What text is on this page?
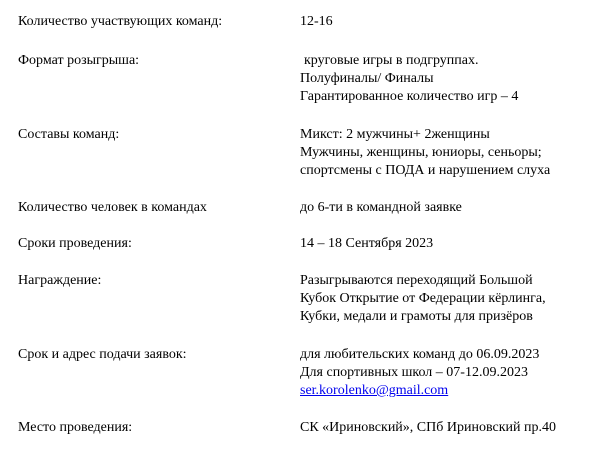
Количество участвующих команд:	12-16
Формат розыгрыша:	круговые игры в подгруппах.
Полуфиналы/ Финалы
Гарантированное количество игр – 4
Составы команд:	Микст: 2 мужчины+ 2женщины
Мужчины, женщины, юниоры, сеньоры;
спортсмены с ПОДА и нарушением слуха
Количество человек в командах	до 6-ти в командной заявке
Сроки проведения:	14 – 18 Сентября 2023
Награждение:	Разыгрываются переходящий Большой
Кубок Открытие от Федерации кёрлинга,
Кубки, медали и грамоты для призёров
Срок и адрес подачи заявок:	для любительских команд до 06.09.2023
Для спортивных школ – 07-12.09.2023
ser.korolenko@gmail.com
Место проведения:	СК «Ириновский», СПб Ириновский пр.40
